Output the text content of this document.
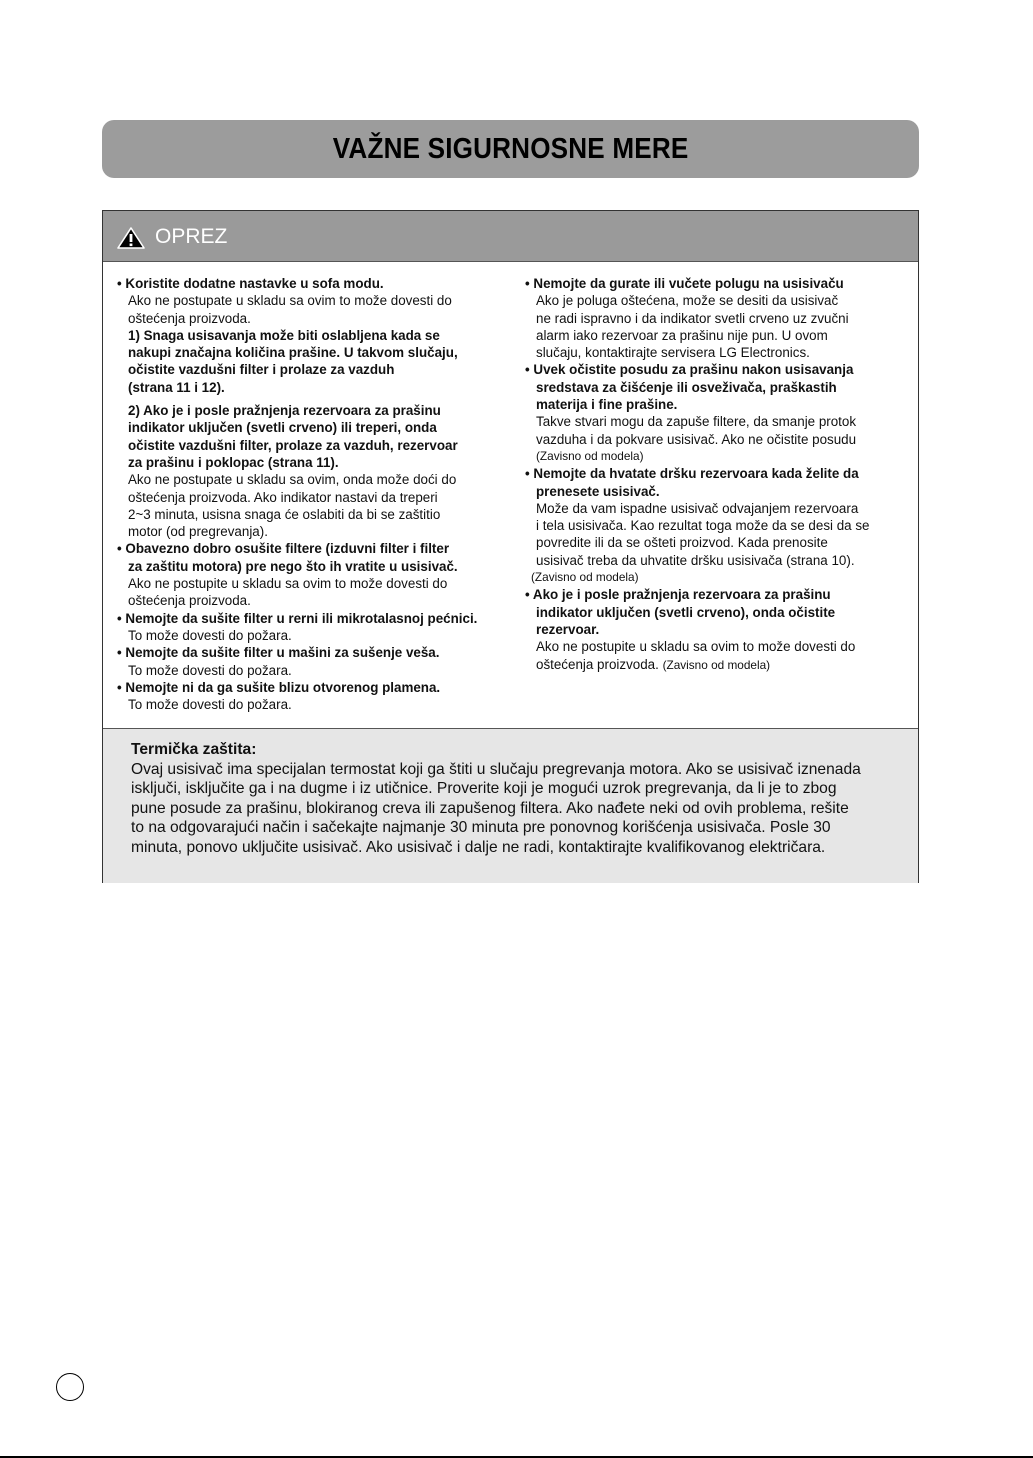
VAŽNE SIGURNOSNE MERE
OPREZ

• Koristite dodatne nastavke u sofa modu.

Ako ne postupate u skladu sa ovim to može dovesti do

oštećenja proizvoda.

1) Snaga usisavanja može biti oslabljena kada se

nakupi značajna količina prašine. U takvom slučaju,

očistite vazdušni filter i prolaze za vazduh

(strana 11 i 12).

2) Ako je i posle pražnjenja rezervoara za prašinu

indikator uključen (svetli crveno) ili treperi, onda

očistite vazdušni filter, prolaze za vazduh, rezervoar

za prašinu i poklopac (strana 11).

Ako ne postupate u skladu sa ovim, onda može doći do

oštećenja proizvoda. Ako indikator nastavi da treperi

2~3 minuta, usisna snaga će oslabiti da bi se zaštitio

motor (od pregrevanja).

• Obavezno dobro osušite filtere (izduvni filter i filter

za zaštitu motora) pre nego što ih vratite u usisivač.

Ako ne postupite u skladu sa ovim to može dovesti do

oštećenja proizvoda.

• Nemojte da sušite filter u rerni ili mikrotalasnoj pećnici.

To može dovesti do požara.

• Nemojte da sušite filter u mašini za sušenje veša.

To može dovesti do požara.

• Nemojte ni da ga sušite blizu otvorenog plamena.

To može dovesti do požara.

• Nemojte da gurate ili vučete polugu na usisivaču

Ako je poluga oštećena, može se desiti da usisivač

ne radi ispravno i da indikator svetli crveno uz zvučni

alarm iako rezervoar za prašinu nije pun. U ovom

slučaju, kontaktirajte servisera LG Electronics.

• Uvek očistite posudu za prašinu nakon usisavanja

sredstava za čišćenje ili osveživača, praškastih

materija i fine prašine.

Takve stvari mogu da zapuše filtere, da smanje protok

vazduha i da pokvare usisivač. Ako ne očistite posudu

(Zavisno od modela)

• Nemojte da hvatate dršku rezervoara kada želite da

prenesete usisivač.

Može da vam ispadne usisivač odvajanjem rezervoara

i tela usisivača. Kao rezultat toga može da se desi da se

povredite ili da se ošteti proizvod. Kada prenosite

usisivač treba da uhvatite dršku usisivača (strana 10).

(Zavisno od modela)

• Ako je i posle pražnjenja rezervoara za prašinu

indikator uključen (svetli crveno), onda očistite

rezervoar.

Ako ne postupite u skladu sa ovim to može dovesti do

oštećenja proizvoda. (Zavisno od modela)

Termička zaštita:

Ovaj usisivač ima specijalan termostat koji ga štiti u slučaju pregrevanja motora. Ako se usisivač iznenada

isključi, isključite ga i na dugme i iz utičnice. Proverite koji je mogući uzrok pregrevanja, da li je to zbog

pune posude za prašinu, blokiranog creva ili zapušenog filtera. Ako nađete neki od ovih problema, rešite

to na odgovarajući način i sačekajte najmanje 30 minuta pre ponovnog korišćenja usisivača. Posle 30

minuta, ponovo uključite usisivač. Ako usisivač i dalje ne radi, kontaktirajte kvalifikovanog električara.
